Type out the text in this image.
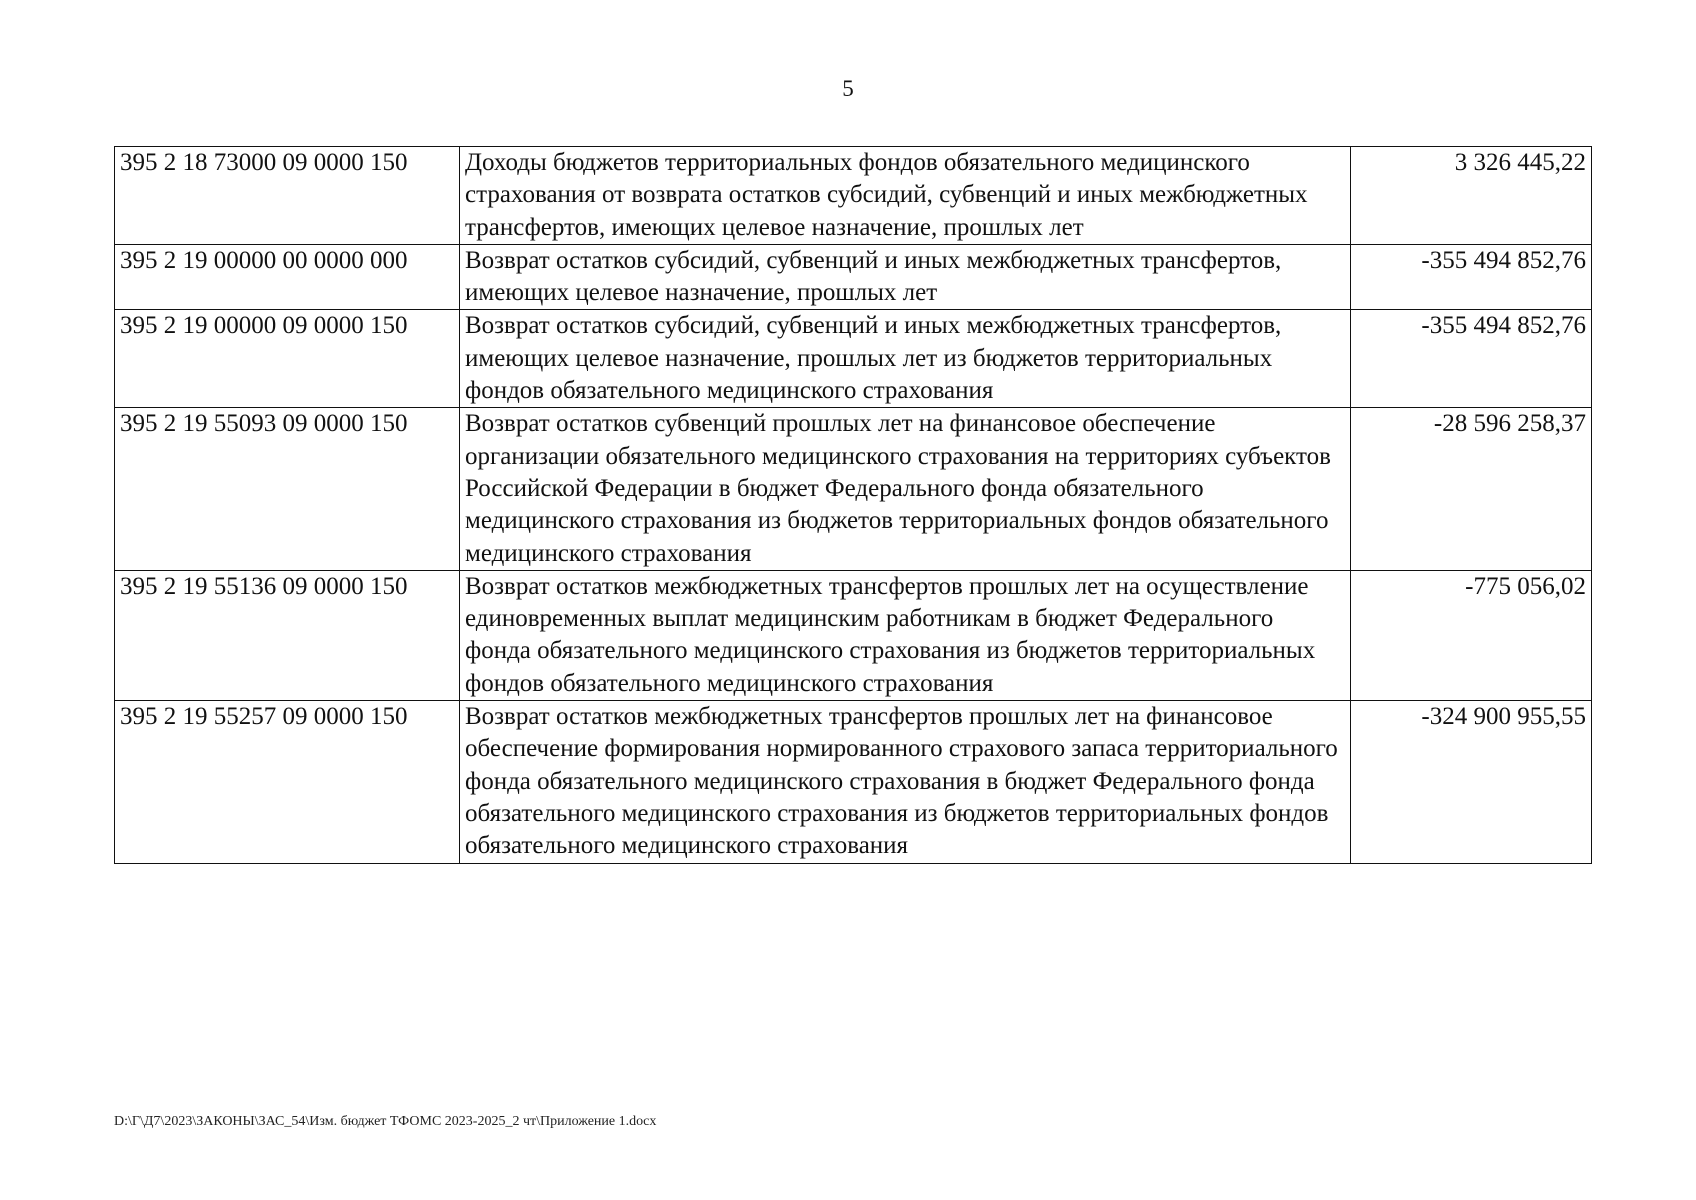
5
395 2 18 73000 09 0000 150	Доходы бюджетов территориальных фондов обязательного медицинского страхования от возврата остатков субсидий, субвенций и иных межбюджетных трансфертов, имеющих целевое назначение, прошлых лет	3 326 445,22
395 2 19 00000 00 0000 000	Возврат остатков субсидий, субвенций и иных межбюджетных трансфертов, имеющих целевое назначение, прошлых лет	-355 494 852,76
395 2 19 00000 09 0000 150	Возврат остатков субсидий, субвенций и иных межбюджетных трансфертов, имеющих целевое назначение, прошлых лет из бюджетов территориальных фондов обязательного медицинского страхования	-355 494 852,76
395 2 19 55093 09 0000 150	Возврат остатков субвенций прошлых лет на финансовое обеспечение организации обязательного медицинского страхования на территориях субъектов Российской Федерации в бюджет Федерального фонда обязательного медицинского страхования из бюджетов территориальных фондов обязательного медицинского страхования	-28 596 258,37
395 2 19 55136 09 0000 150	Возврат остатков межбюджетных трансфертов прошлых лет на осуществление единовременных выплат медицинским работникам в бюджет Федерального фонда обязательного медицинского страхования из бюджетов территориальных фондов обязательного медицинского страхования	-775 056,02
395 2 19 55257 09 0000 150	Возврат остатков межбюджетных трансфертов прошлых лет на финансовое обеспечение формирования нормированного страхового запаса территориального фонда обязательного медицинского страхования в бюджет Федерального фонда обязательного медицинского страхования из бюджетов территориальных фондов обязательного медицинского страхования	-324 900 955,55
D:\Г\Д7\2023\ЗАКОНЫ\ЗАС_54\Изм. бюджет ТФОМС 2023-2025_2 чт\Приложение 1.docx
